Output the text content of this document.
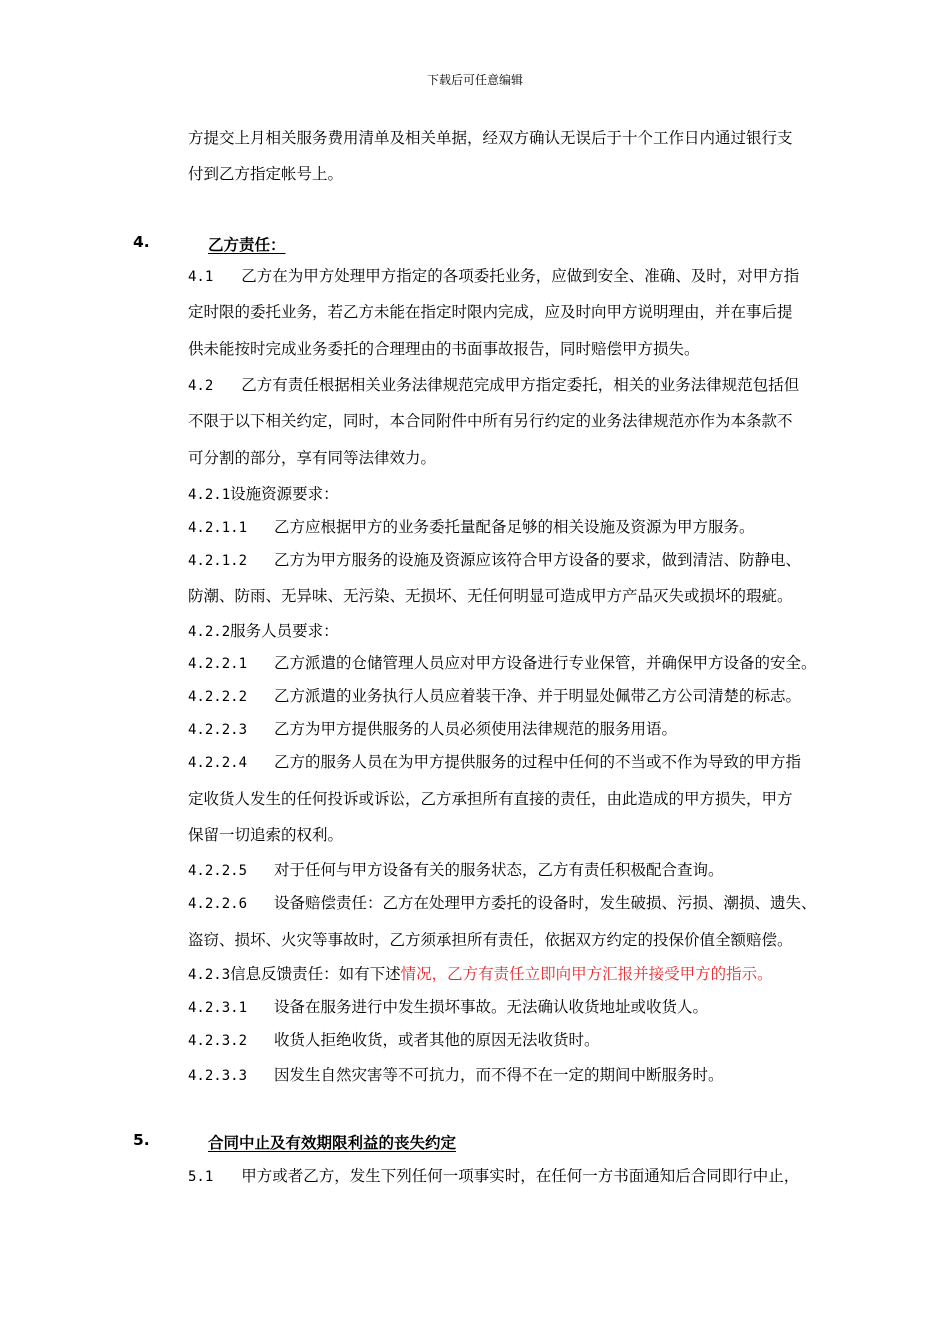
下载后可任意编辑
方提交上月相关服务费用清单及相关单据，经双方确认无误后于十个工作日内通过银行支
付到乙方指定帐号上。
4.	乙方责任：
4.1 乙方在为甲方处理甲方指定的各项委托业务，应做到安全、准确、及时，对甲方指
定时限的委托业务，若乙方未能在指定时限内完成，应及时向甲方说明理由，并在事后提
供未能按时完成业务委托的合理理由的书面事故报告，同时赔偿甲方损失。
4.2 乙方有责任根据相关业务法律规范完成甲方指定委托，相关的业务法律规范包括但
不限于以下相关约定，同时，本合同附件中所有另行约定的业务法律规范亦作为本条款不
可分割的部分，享有同等法律效力。
4.2.1设施资源要求：
4.2.1.1 乙方应根据甲方的业务委托量配备足够的相关设施及资源为甲方服务。
4.2.1.2 乙方为甲方服务的设施及资源应该符合甲方设备的要求，做到清洁、防静电、
防潮、防雨、无异味、无污染、无损坏、无任何明显可造成甲方产品灭失或损坏的瑕疵。
4.2.2服务人员要求：
4.2.2.1 乙方派遣的仓储管理人员应对甲方设备进行专业保管，并确保甲方设备的安全。
4.2.2.2 乙方派遣的业务执行人员应着装干净、并于明显处佩带乙方公司清楚的标志。
4.2.2.3 乙方为甲方提供服务的人员必须使用法律规范的服务用语。
4.2.2.4 乙方的服务人员在为甲方提供服务的过程中任何的不当或不作为导致的甲方指
定收货人发生的任何投诉或诉讼，乙方承担所有直接的责任，由此造成的甲方损失，甲方
保留一切追索的权利。
4.2.2.5 对于任何与甲方设备有关的服务状态，乙方有责任积极配合查询。
4.2.2.6 设备赔偿责任：乙方在处理甲方委托的设备时，发生破损、污损、潮损、遗失、
盗窃、损坏、火灾等事故时，乙方须承担所有责任，依据双方约定的投保价值全额赔偿。
4.2.3信息反馈责任：如有下述情况，乙方有责任立即向甲方汇报并接受甲方的指示。
4.2.3.1 设备在服务进行中发生损坏事故。无法确认收货地址或收货人。
4.2.3.2 收货人拒绝收货，或者其他的原因无法收货时。
4.2.3.3 因发生自然灾害等不可抗力，而不得不在一定的期间中断服务时。
5.	合同中止及有效期限利益的丧失约定
5.1 甲方或者乙方，发生下列任何一项事实时，在任何一方书面通知后合同即行中止，
